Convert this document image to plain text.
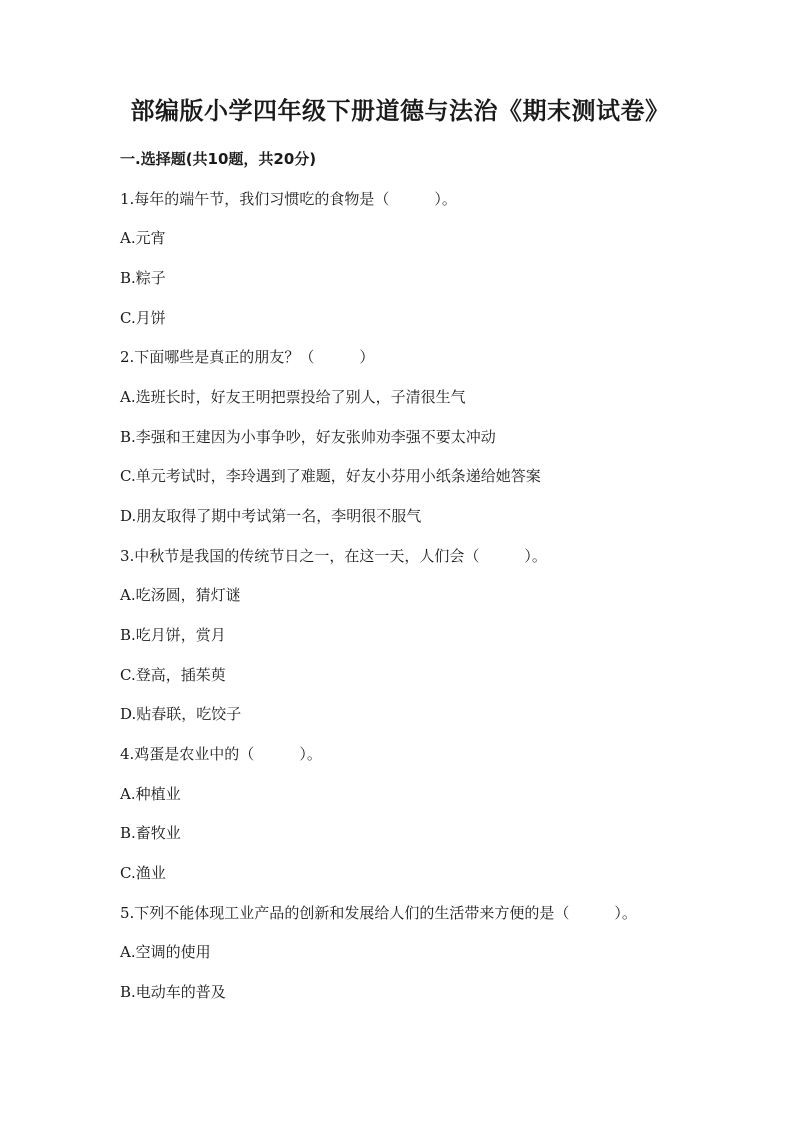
部编版小学四年级下册道德与法治《期末测试卷》
一.选择题(共10题，共20分)
1.每年的端午节，我们习惯吃的食物是（　　　）。
A.元宵
B.粽子
C.月饼
2.下面哪些是真正的朋友？（　　　）
A.选班长时，好友王明把票投给了别人，子清很生气
B.李强和王建因为小事争吵，好友张帅劝李强不要太冲动
C.单元考试时，李玲遇到了难题，好友小芬用小纸条递给她答案
D.朋友取得了期中考试第一名，李明很不服气
3.中秋节是我国的传统节日之一，在这一天，人们会（　　　）。
A.吃汤圆，猜灯谜
B.吃月饼，赏月
C.登高，插茱萸
D.贴春联，吃饺子
4.鸡蛋是农业中的（　　　）。
A.种植业
B.畜牧业
C.渔业
5.下列不能体现工业产品的创新和发展给人们的生活带来方便的是（　　　）。
A.空调的使用
B.电动车的普及
